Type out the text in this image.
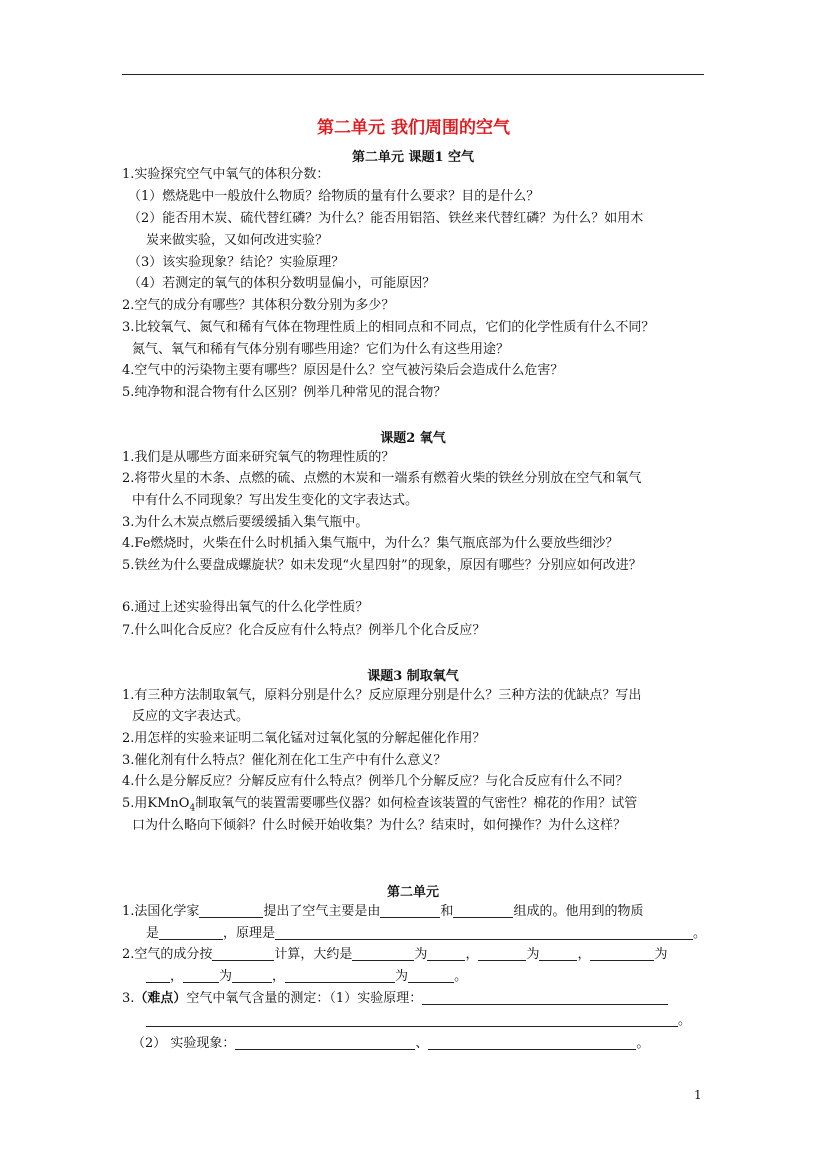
第二单元 我们周围的空气
第二单元 课题1 空气
1.实验探究空气中氧气的体积分数：
（1）燃烧匙中一般放什么物质？给物质的量有什么要求？目的是什么？
（2）能否用木炭、硫代替红磷？为什么？能否用铝箔、铁丝来代替红磷？为什么？如用木
炭来做实验，又如何改进实验？
（3）该实验现象？结论？实验原理？
（4）若测定的氧气的体积分数明显偏小，可能原因？
2.空气的成分有哪些？其体积分数分别为多少？
3.比较氧气、氮气和稀有气体在物理性质上的相同点和不同点，它们的化学性质有什么不同？
氮气、氧气和稀有气体分别有哪些用途？它们为什么有这些用途？
4.空气中的污染物主要有哪些？原因是什么？空气被污染后会造成什么危害？
5.纯净物和混合物有什么区别？例举几种常见的混合物？
课题2 氧气
1.我们是从哪些方面来研究氧气的物理性质的？
2.将带火星的木条、点燃的硫、点燃的木炭和一端系有燃着火柴的铁丝分别放在空气和氧气
中有什么不同现象？写出发生变化的文字表达式。
3.为什么木炭点燃后要缓缓插入集气瓶中。
4.Fe燃烧时，火柴在什么时机插入集气瓶中，为什么？集气瓶底部为什么要放些细沙？
5.铁丝为什么要盘成螺旋状？如未发现“火星四射”的现象，原因有哪些？分别应如何改进？
6.通过上述实验得出氧气的什么化学性质？
7.什么叫化合反应？化合反应有什么特点？例举几个化合反应？
课题3 制取氧气
1.有三种方法制取氧气，原料分别是什么？反应原理分别是什么？三种方法的优缺点？写出
反应的文字表达式。
2.用怎样的实验来证明二氧化锰对过氧化氢的分解起催化作用？
3.催化剂有什么特点？催化剂在化工生产中有什么意义？
4.什么是分解反应？分解反应有什么特点？例举几个分解反应？与化合反应有什么不同？
5.用KMnO$_4$制取氧气的装置需要哪些仪器？如何检查该装置的气密性？棉花的作用？试管
口为什么略向下倾斜？什么时候开始收集？为什么？结束时，如何操作？为什么这样？
第二单元
1.法国化学家	提出了空气主要是由	和	组成的。他用到的物质
是	，原理是	。
2.空气的成分按	计算，大约是	为	，	为	，	为
，	为	，	为	。
3.（难点）空气中氧气含量的测定：（1）实验原理：
。
（2） 实验现象：	、	。
1
